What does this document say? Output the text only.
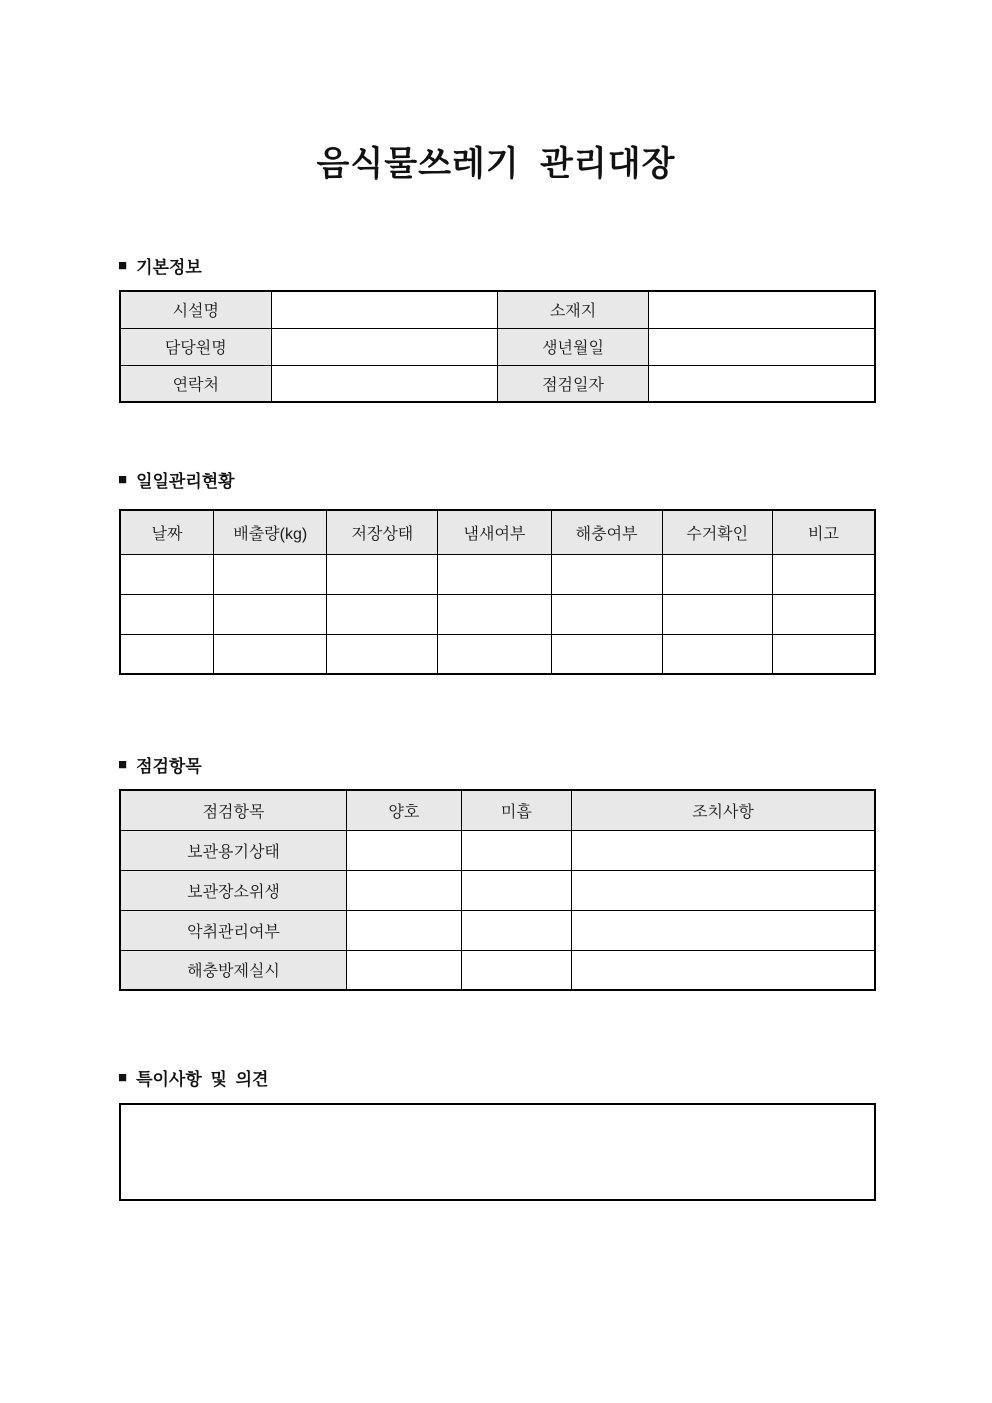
음식물쓰레기 관리대장
■ 기본정보
시설명		소재지	
담당원명		생년월일	
연락처		점검일자	
■ 일일관리현황
날짜	배출량(kg)	저장상태	냄새여부	해충여부	수거확인	비고

■ 점검항목
점검항목	양호	미흡	조치사항
보관용기상태			
보관장소위생			
악취관리여부			
해충방제실시			
■ 특이사항 및 의견
